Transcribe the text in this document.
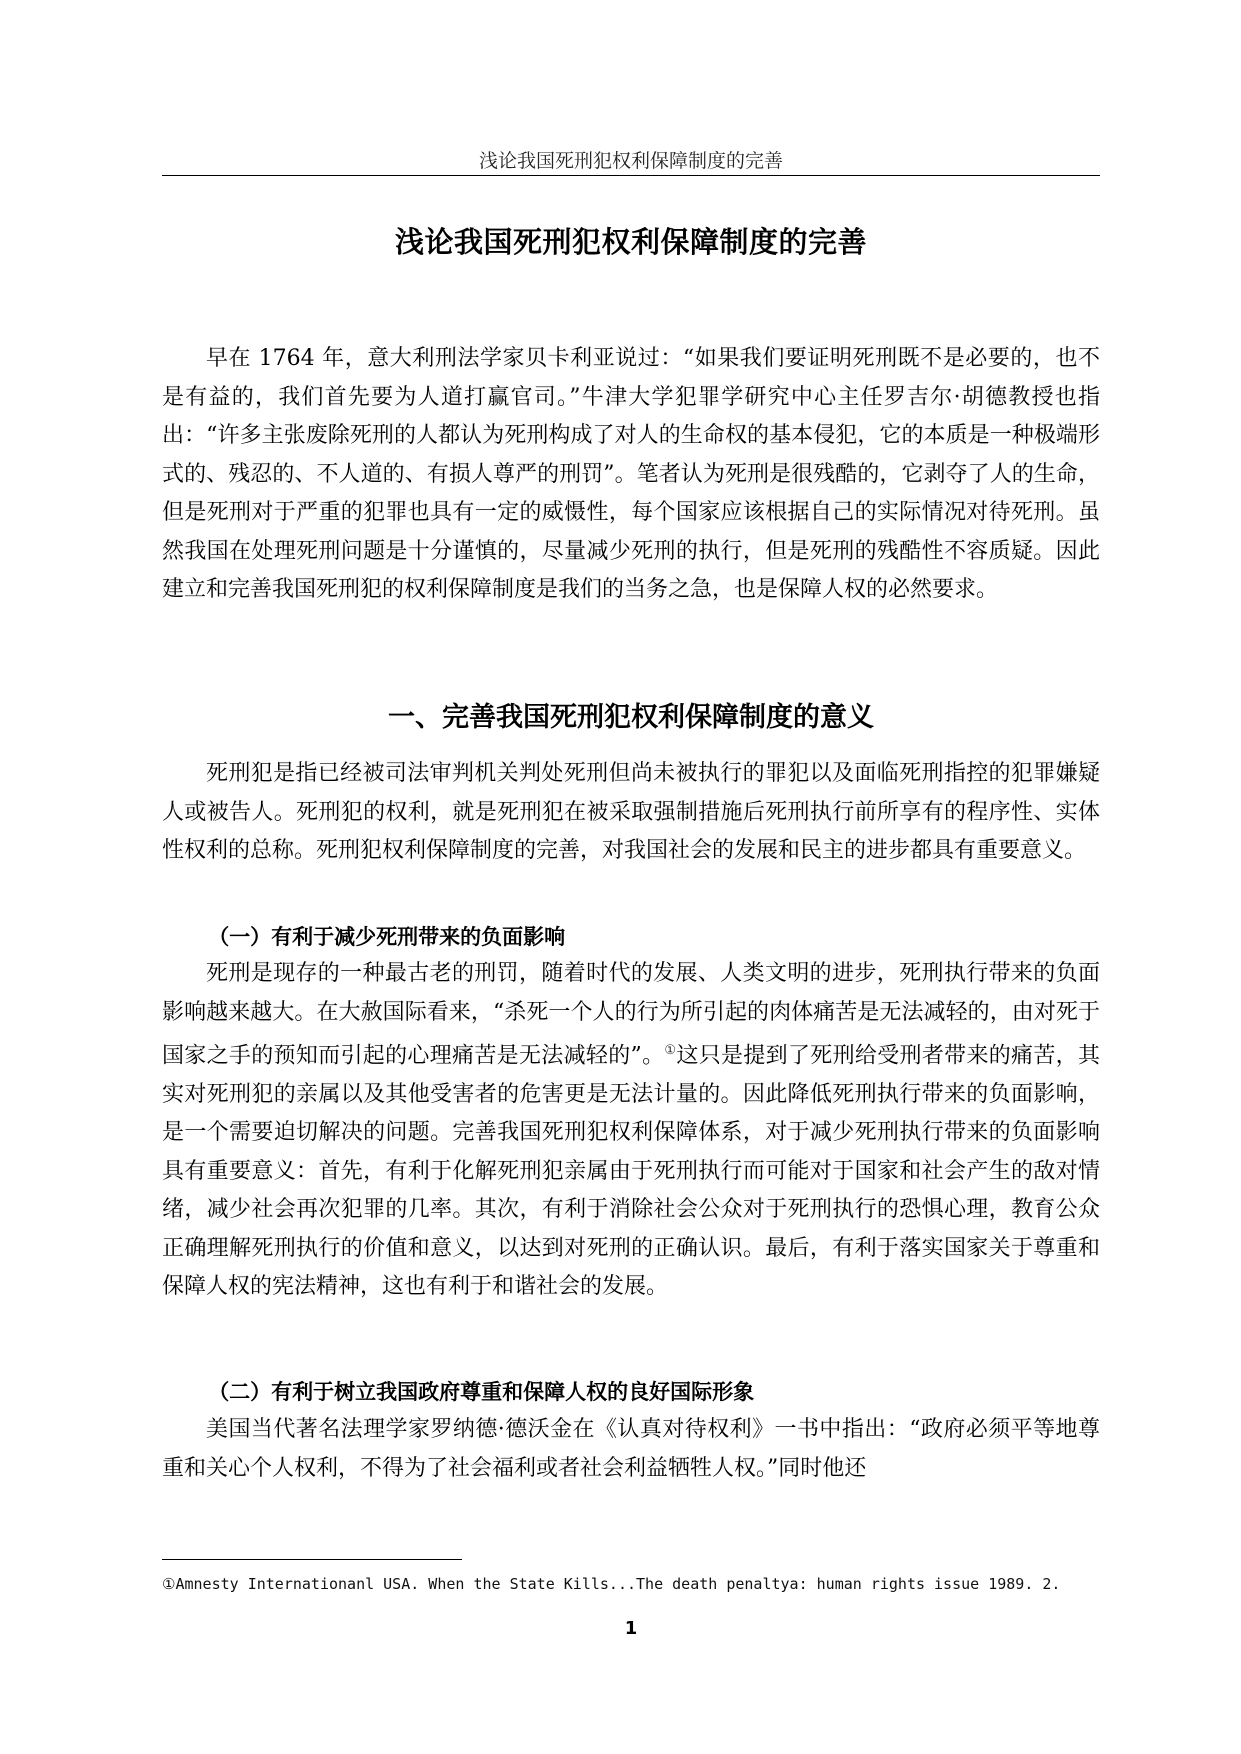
浅论我国死刑犯权利保障制度的完善
浅论我国死刑犯权利保障制度的完善

早在 1764 年，意大利刑法学家贝卡利亚说过：“如果我们要证明死刑既不是必要的，也不是有益的，我们首先要为人道打赢官司。”牛津大学犯罪学研究中心主任罗吉尔·胡德教授也指出：“许多主张废除死刑的人都认为死刑构成了对人的生命权的基本侵犯，它的本质是一种极端形式的、残忍的、不人道的、有损人尊严的刑罚”。笔者认为死刑是很残酷的，它剥夺了人的生命，但是死刑对于严重的犯罪也具有一定的威慑性，每个国家应该根据自己的实际情况对待死刑。虽然我国在处理死刑问题是十分谨慎的，尽量减少死刑的执行，但是死刑的残酷性不容质疑。因此建立和完善我国死刑犯的权利保障制度是我们的当务之急，也是保障人权的必然要求。

一、完善我国死刑犯权利保障制度的意义

死刑犯是指已经被司法审判机关判处死刑但尚未被执行的罪犯以及面临死刑指控的犯罪嫌疑人或被告人。死刑犯的权利，就是死刑犯在被采取强制措施后死刑执行前所享有的程序性、实体性权利的总称。死刑犯权利保障制度的完善，对我国社会的发展和民主的进步都具有重要意义。

（一）有利于减少死刑带来的负面影响

死刑是现存的一种最古老的刑罚，随着时代的发展、人类文明的进步，死刑执行带来的负面影响越来越大。在大赦国际看来，“杀死一个人的行为所引起的肉体痛苦是无法减轻的，由对死于国家之手的预知而引起的心理痛苦是无法减轻的”。①这只是提到了死刑给受刑者带来的痛苦，其实对死刑犯的亲属以及其他受害者的危害更是无法计量的。因此降低死刑执行带来的负面影响，是一个需要迫切解决的问题。完善我国死刑犯权利保障体系，对于减少死刑执行带来的负面影响具有重要意义：首先，有利于化解死刑犯亲属由于死刑执行而可能对于国家和社会产生的敌对情绪，减少社会再次犯罪的几率。其次，有利于消除社会公众对于死刑执行的恐惧心理，教育公众正确理解死刑执行的价值和意义，以达到对死刑的正确认识。最后，有利于落实国家关于尊重和保障人权的宪法精神，这也有利于和谐社会的发展。

（二）有利于树立我国政府尊重和保障人权的良好国际形象

美国当代著名法理学家罗纳德·德沃金在《认真对待权利》一书中指出：“政府必须平等地尊重和关心个人权利，不得为了社会福利或者社会利益牺牲人权。”同时他还

①Amnesty Internationanl USA. When the State Kills...The death penaltya: human rights issue 1989. 2.
1
